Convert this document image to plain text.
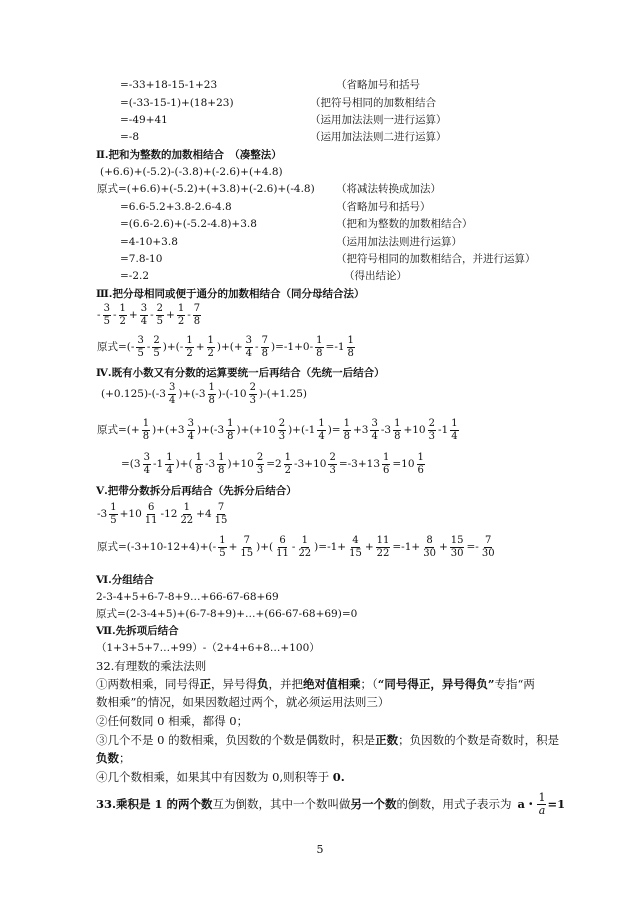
=-33+18-15-1+23	（省略加号和括号
=(-33-15-1)+(18+23)	（把符号相同的加数相结合
=-49+41	（运用加法法则一进行运算）
=-8	（运用加法法则二进行运算）
Ⅱ.把和为整数的加数相结合　（凑整法）
(+6.6)+(-5.2)-(-3.8)+(-2.6)+(+4.8)
原式=(+6.6)+(-5.2)+(+3.8)+(-2.6)+(-4.8) （将减法转换成加法）
=6.6-5.2+3.8-2.6-4.8	（省略加号和括号）
=(6.6-2.6)+(-5.2-4.8)+3.8	（把和为整数的加数相结合）
=4-10+3.8	（运用加法法则进行运算）
=7.8-10	（把符号相同的加数相结合，并进行运算）
=-2.2	（得出结论）
Ⅲ.把分母相同或便于通分的加数相结合（同分母结合法）
- $\frac{3}{5} - \frac{1}{2} + \frac{3}{4} - \frac{2}{5} + \frac{1}{2} - \frac{7}{8}$
原式=(- $\frac{3}{5} - \frac{2}{5}$ )+(- $\frac{1}{2} + \frac{1}{2}$ )+(+ $\frac{3}{4} - \frac{7}{8} )=-1+0- \frac{1}{8} =-1 \frac{1}{8}$
Ⅳ.既有小数又有分数的运算要统一后再结合（先统一后结合）
$(+0.125)-(-3 \frac{3}{4} )+(-3 \frac{1}{8} )-(-10 \frac{2}{3} )-(+1.25)$
原式=(+ $\frac{1}{8} )+(+3 \frac{3}{4} )+(-3 \frac{1}{8} )+(+10 \frac{2}{3} )+(-1 \frac{1}{4}$ )= $\frac{1}{8} +3 \frac{3}{4} -3 \frac{1}{8} +10 \frac{2}{3} -1 \frac{1}{4}$
$=(3 \frac{3}{4} -1 \frac{1}{4}$ )+( $\frac{1}{8} -3 \frac{1}{8} )+10 \frac{2}{3} =2 \frac{1}{2} -3+10 \frac{2}{3} =-3+13 \frac{1}{6} =10 \frac{1}{6}$
Ⅴ.把带分数拆分后再结合（先拆分后结合）
$-3 \frac{1}{5} +10 \frac{6}{11} -12 \frac{1}{22} +4 \frac{7}{15}$
原式$=(-3+10-12+4)+(- \frac{1}{5} + \frac{7}{15}$ )+( $\frac{6}{11} - \frac{1}{22} )=-1+ \frac{4}{15} + \frac{11}{22} =-1+ \frac{8}{30} + \frac{15}{30} =- \frac{7}{30}$
Ⅵ.分组结合
2-3-4+5+6-7-8+9…+66-67-68+69
原式=(2-3-4+5)+(6-7-8+9)+…+(66-67-68+69)=0
Ⅶ.先拆项后结合
（1+3+5+7…+99）-（2+4+6+8…+100）
32.有理数的乘法法则
①两数相乘，同号得正，异号得负，并把绝对值相乘；（“同号得正，异号得负”专指“两
数相乘”的情况，如果因数超过两个，就必须运用法则三）
②任何数同 0 相乘，都得 0；
③几个不是 0 的数相乘，负因数的个数是偶数时，积是正数；负因数的个数是奇数时，积是
负数；
④几个数相乘，如果其中有因数为 0,则积等于 0.
33.乘积是 1 的两个数 互为倒数，其中一个数叫做 另一个数 的倒数，用式子表示为 a・ $\frac{1}{a} =1$
5
